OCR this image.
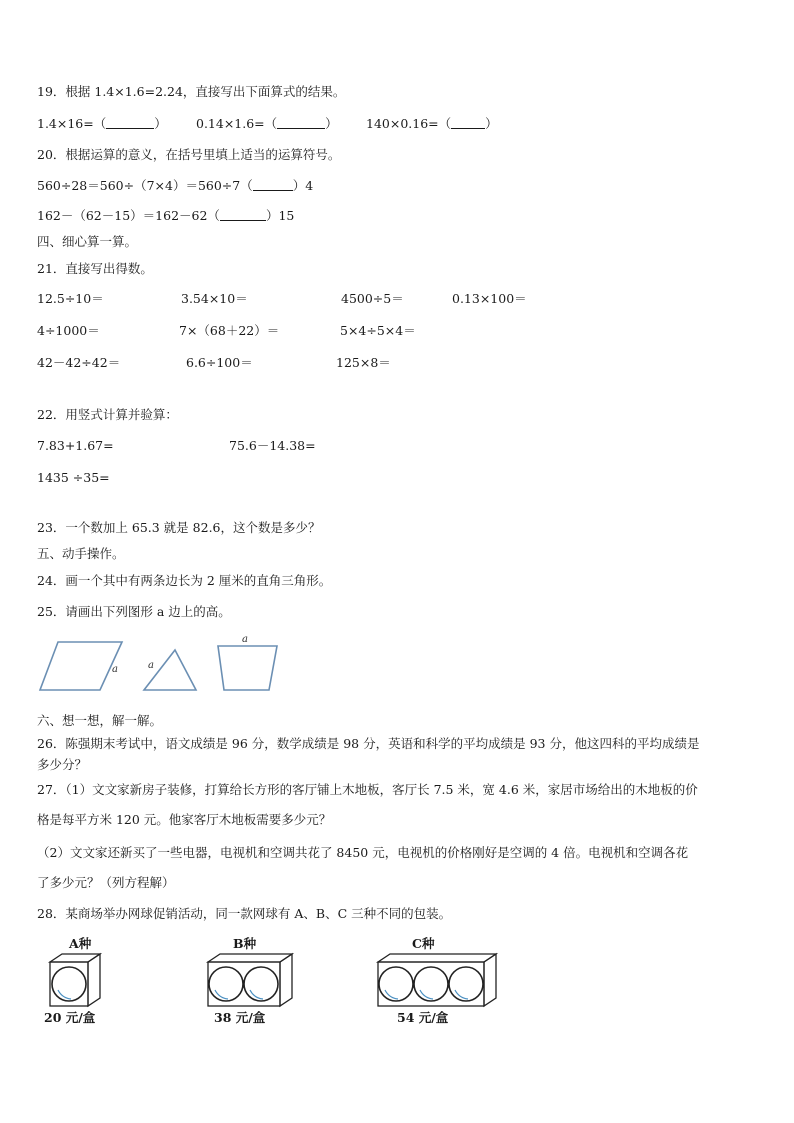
19．根据 1.4×1.6=2.24，直接写出下面算式的结果。
1.4×16=（	） 0.14×1.6=（	） 140×0.16=（	）
20．根据运算的意义，在括号里填上适当的运算符号。
560÷28＝560÷（7×4）＝560÷7（	）4
162－（62－15）＝162－62（	）15
四、细心算一算。
21．直接写出得数。
12.5÷10＝	3.54×10＝	4500÷5＝	0.13×100＝
4÷1000＝	7×（68＋22）＝	5×4÷5×4＝
42－42÷42＝	6.6÷100＝	125×8＝
22．用竖式计算并验算：
7.83+1.67=	75.6－14.38=
1435 ÷35=
23．一个数加上 65.3 就是 82.6，这个数是多少？
五、动手操作。
24．画一个其中有两条边长为 2 厘米的直角三角形。
25．请画出下列图形 a 边上的高。
a	a
a
六、想一想，解一解。
26．陈强期末考试中，语文成绩是 96 分，数学成绩是 98 分，英语和科学的平均成绩是 93 分，他这四科的平均成绩是
多少分？
27．（1）文文家新房子装修，打算给长方形的客厅铺上木地板，客厅长 7.5 米，宽 4.6 米，家居市场给出的木地板的价
格是每平方米 120 元。他家客厅木地板需要多少元？
（2）文文家还新买了一些电器，电视机和空调共花了 8450 元，电视机的价格刚好是空调的 4 倍。电视机和空调各花
了多少元？（列方程解）
28．某商场举办网球促销活动，同一款网球有 A、B、C 三种不同的包装。
A种	B种	C种
20 元/盒	38 元/盒	54 元/盒
